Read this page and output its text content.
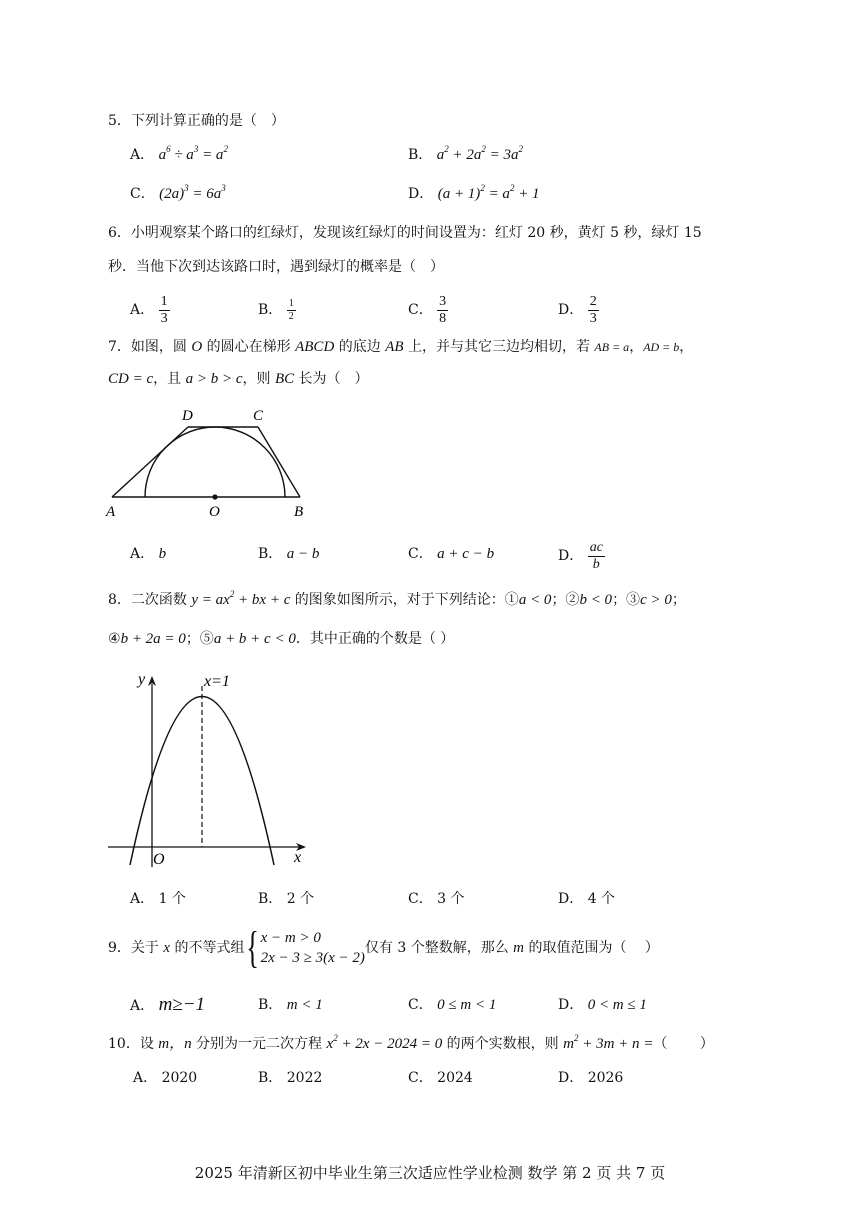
5．下列计算正确的是（　）
A． $a^6 \div a^3 = a^2$	B． $a^2 + 2a^2 = 3a^2$
C． $(2a)^3 = 6a^3$	D． $(a + 1)^2 = a^2 + 1$
6．小明观察某个路口的红绿灯，发现该红绿灯的时间设置为：红灯 20 秒，黄灯 5 秒，绿灯 15
秒．当他下次到达该路口时，遇到绿灯的概率是（　）
A． $\frac{1}{3}$	B． $\frac{1}{2}$	C． $\frac{3}{8}$	D． $\frac{2}{3}$
7．如图，圆 O 的圆心在梯形 ABCD 的底边 AB 上，并与其它三边均相切，若 AB = a，AD = b，
CD = c，且 a > b > c，则 BC 长为（　）
A	B
O
D	C
A． b	B． a − b	C． a + c − b	D． $\frac{ac}{b}$
8．二次函数 $y = ax^2$ + bx + c 的图象如图所示，对于下列结论：①a < 0；②b < 0；③c > 0；
④b + 2a = 0；⑤a + b + c < 0．其中正确的个数是（ ）
y
x
O
x=1
A． 1 个	B． 2 个	C． 3 个	D． 4 个
9．关于 x 的不等式组{ x − m > 0
2x − 3 ≥ 3(x − 2)
仅有 3 个整数解，那么 m 的取值范围为（　 ）
A． m≥−1	B． m < 1	C． 0 ≤ m < 1	D． 0 < m ≤ 1
10．设 m，n 分别为一元二次方程 $x^2 + 2x - 2024 = 0$ 的两个实数根，则 $m^2 + 3m + n$ =（　　 ）
A． 2020	B． 2022	C． 2024	D． 2026
2025 年清新区初中毕业生第三次适应性学业检测 数学 第 2 页 共 7 页
